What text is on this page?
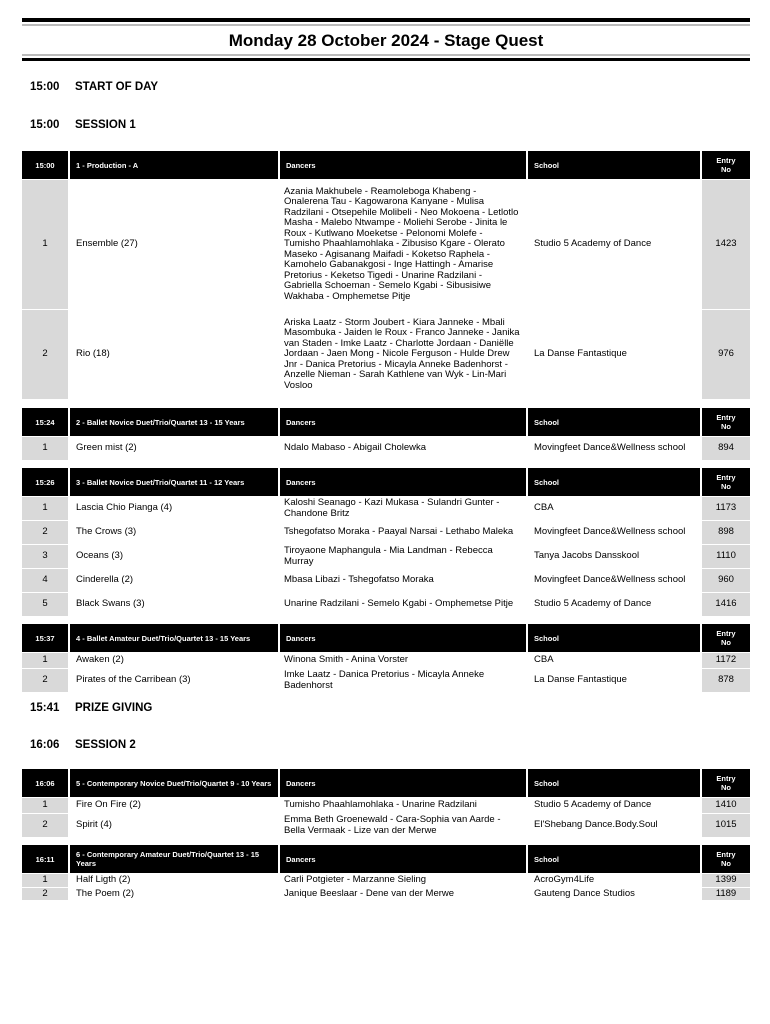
Monday 28 October 2024 - Stage Quest
15:00 START OF DAY
15:00 SESSION 1
15:00	1 - Production - A	Dancers	School	Entry
No

1	Ensemble (27)	Azania Makhubele - Reamoleboga Khabeng - Onalerena Tau - Kagowarona Kanyane - Mulisa Radzilani - Otsepehile Molibeli - Neo Mokoena - Letlotlo Masha - Malebo Ntwampe - Moliehi Serobe - Jinita le Roux - Kutlwano Moeketse - Pelonomi Molefe - Tumisho Phaahlamohlaka - Zibusiso Kgare - Olerato Maseko - Agisanang Maifadi - Koketso Raphela - Kamohelo Gabanakgosi - Inge Hattingh - Amarise Pretorius - Keketso Tigedi - Unarine Radzilani - Gabriella Schoeman - Semelo Kgabi - Sibusisiwe Wakhaba - Omphemetse Pitje	Studio 5 Academy of Dance	1423
2	Rio (18)	Ariska Laatz - Storm Joubert - Kiara Janneke - Mbali Masombuka - Jaiden le Roux - Franco Janneke - Janika van Staden - Imke Laatz - Charlotte Jordaan - Daniëlle Jordaan - Jaen Mong - Nicole Ferguson - Hulde Drew Jnr - Danica Pretorius - Micayla Anneke Badenhorst - Anzelle Nieman - Sarah Kathlene van Wyk - Lin-Mari Vosloo	La Danse Fantastique	976
15:24	2 - Ballet Novice Duet/Trio/Quartet 13 - 15 Years	Dancers	School	Entry
No

1	Green mist (2)	Ndalo Mabaso - Abigail Cholewka	Movingfeet Dance&Wellness school	894
15:26	3 - Ballet Novice Duet/Trio/Quartet 11 - 12 Years	Dancers	School	Entry
No

1	Lascia Chio Pianga (4)	Kaloshi Seanago - Kazi Mukasa - Sulandri Gunter - Chandone Britz	CBA	1173
2	The Crows (3)	Tshegofatso Moraka - Paayal Narsai - Lethabo Maleka	Movingfeet Dance&Wellness school	898
3	Oceans (3)	Tiroyaone Maphangula - Mia Landman - Rebecca Murray	Tanya Jacobs Dansskool	1110
4	Cinderella (2)	Mbasa Libazi - Tshegofatso Moraka	Movingfeet Dance&Wellness school	960
5	Black Swans (3)	Unarine Radzilani - Semelo Kgabi - Omphemetse Pitje	Studio 5 Academy of Dance	1416
15:37	4 - Ballet Amateur Duet/Trio/Quartet 13 - 15 Years	Dancers	School	Entry
No

1	Awaken (2)	Winona Smith - Anina Vorster	CBA	1172
2	Pirates of the Carribean (3)	Imke Laatz - Danica Pretorius - Micayla Anneke Badenhorst	La Danse Fantastique	878
15:41 PRIZE GIVING
16:06 SESSION 2
16:06	5 - Contemporary Novice Duet/Trio/Quartet 9 - 10 Years	Dancers	School	Entry
No

1	Fire On Fire (2)	Tumisho Phaahlamohlaka - Unarine Radzilani	Studio 5 Academy of Dance	1410
2	Spirit (4)	Emma Beth Groenewald - Cara-Sophia van Aarde - Bella Vermaak - Lize van der Merwe	El'Shebang Dance.Body.Soul	1015
16:11	6 - Contemporary Amateur Duet/Trio/Quartet 13 - 15 Years	Dancers	School	Entry
No

1	Half Ligth (2)	Carli Potgieter - Marzanne Sieling	AcroGym4Life	1399
2	The Poem (2)	Janique Beeslaar - Dene van der Merwe	Gauteng Dance Studios	1189
